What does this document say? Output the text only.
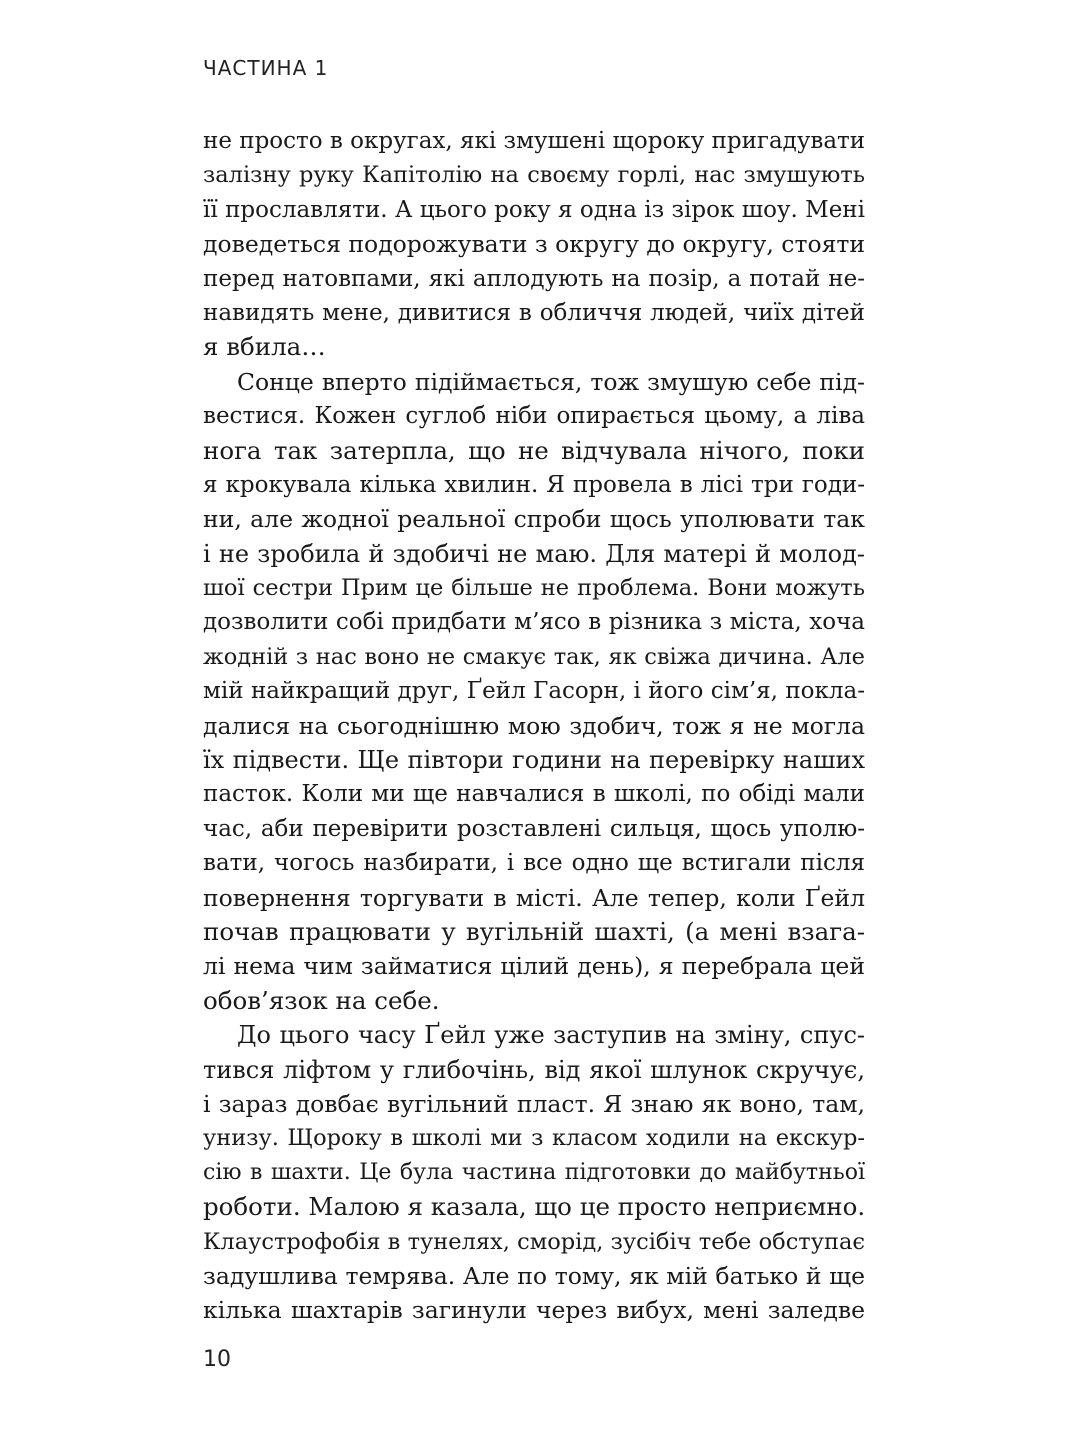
ЧАСТИНА 1
не просто в округах, які змушені щороку пригадувати
залізну руку Капітолію на своєму горлі, нас змушують
її прославляти. А цього року я одна із зірок шоу. Мені
доведеться подорожувати з округу до округу, стояти
перед натовпами, які аплодують на позір, а потай не-
навидять мене, дивитися в обличчя людей, чиїх дітей
я вбила…
Сонце вперто підіймається, тож змушую себе під-
вестися. Кожен суглоб ніби опирається цьому, а ліва
нога так затерпла, що не відчувала нічого, поки
я крокувала кілька хвилин. Я провела в лісі три годи-
ни, але жодної реальної спроби щось уполювати так
і не зробила й здобичі не маю. Для матері й молод-
шої сестри Прим це більше не проблема. Вони можуть
дозволити собі придбати м’ясо в різника з міста, хоча
жодній з нас воно не смакує так, як свіжа дичина. Але
мій найкращий друг, Ґейл Гасорн, і його сім’я, покла-
далися на сьогоднішню мою здобич, тож я не могла
їх підвести. Ще півтори години на перевірку наших
пасток. Коли ми ще навчалися в школі, по обіді мали
час, аби перевірити розставлені сильця, щось уполю-
вати, чогось назбирати, і все одно ще встигали після
повернення торгувати в місті. Але тепер, коли Ґейл
почав працювати у вугільній шахті, (а мені взага-
лі нема чим займатися цілий день), я перебрала цей
обов’язок на себе.
До цього часу Ґейл уже заступив на зміну, спус-
тився ліфтом у глибочінь, від якої шлунок скручує,
і зараз довбає вугільний пласт. Я знаю як воно, там,
унизу. Щороку в школі ми з класом ходили на екскур-
сію в шахти. Це була частина підготовки до майбутньої
роботи. Малою я казала, що це просто неприємно.
Клаустрофобія в тунелях, сморід, зусібіч тебе обступає
задушлива темрява. Але по тому, як мій батько й ще
кілька шахтарів загинули через вибух, мені заледве
10
